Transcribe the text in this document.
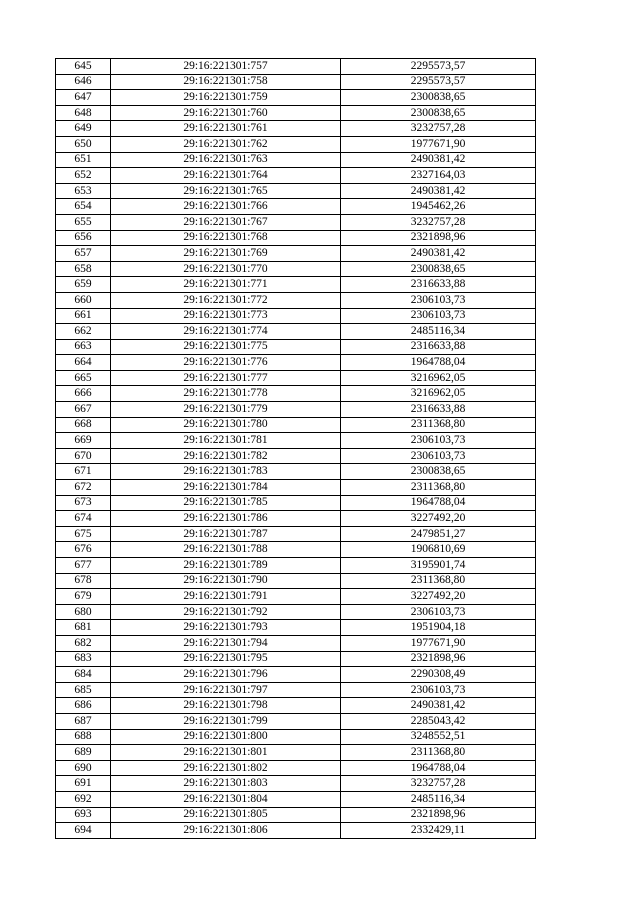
645	29:16:221301:757	2295573,57
646	29:16:221301:758	2295573,57
647	29:16:221301:759	2300838,65
648	29:16:221301:760	2300838,65
649	29:16:221301:761	3232757,28
650	29:16:221301:762	1977671,90
651	29:16:221301:763	2490381,42
652	29:16:221301:764	2327164,03
653	29:16:221301:765	2490381,42
654	29:16:221301:766	1945462,26
655	29:16:221301:767	3232757,28
656	29:16:221301:768	2321898,96
657	29:16:221301:769	2490381,42
658	29:16:221301:770	2300838,65
659	29:16:221301:771	2316633,88
660	29:16:221301:772	2306103,73
661	29:16:221301:773	2306103,73
662	29:16:221301:774	2485116,34
663	29:16:221301:775	2316633,88
664	29:16:221301:776	1964788,04
665	29:16:221301:777	3216962,05
666	29:16:221301:778	3216962,05
667	29:16:221301:779	2316633,88
668	29:16:221301:780	2311368,80
669	29:16:221301:781	2306103,73
670	29:16:221301:782	2306103,73
671	29:16:221301:783	2300838,65
672	29:16:221301:784	2311368,80
673	29:16:221301:785	1964788,04
674	29:16:221301:786	3227492,20
675	29:16:221301:787	2479851,27
676	29:16:221301:788	1906810,69
677	29:16:221301:789	3195901,74
678	29:16:221301:790	2311368,80
679	29:16:221301:791	3227492,20
680	29:16:221301:792	2306103,73
681	29:16:221301:793	1951904,18
682	29:16:221301:794	1977671,90
683	29:16:221301:795	2321898,96
684	29:16:221301:796	2290308,49
685	29:16:221301:797	2306103,73
686	29:16:221301:798	2490381,42
687	29:16:221301:799	2285043,42
688	29:16:221301:800	3248552,51
689	29:16:221301:801	2311368,80
690	29:16:221301:802	1964788,04
691	29:16:221301:803	3232757,28
692	29:16:221301:804	2485116,34
693	29:16:221301:805	2321898,96
694	29:16:221301:806	2332429,11
